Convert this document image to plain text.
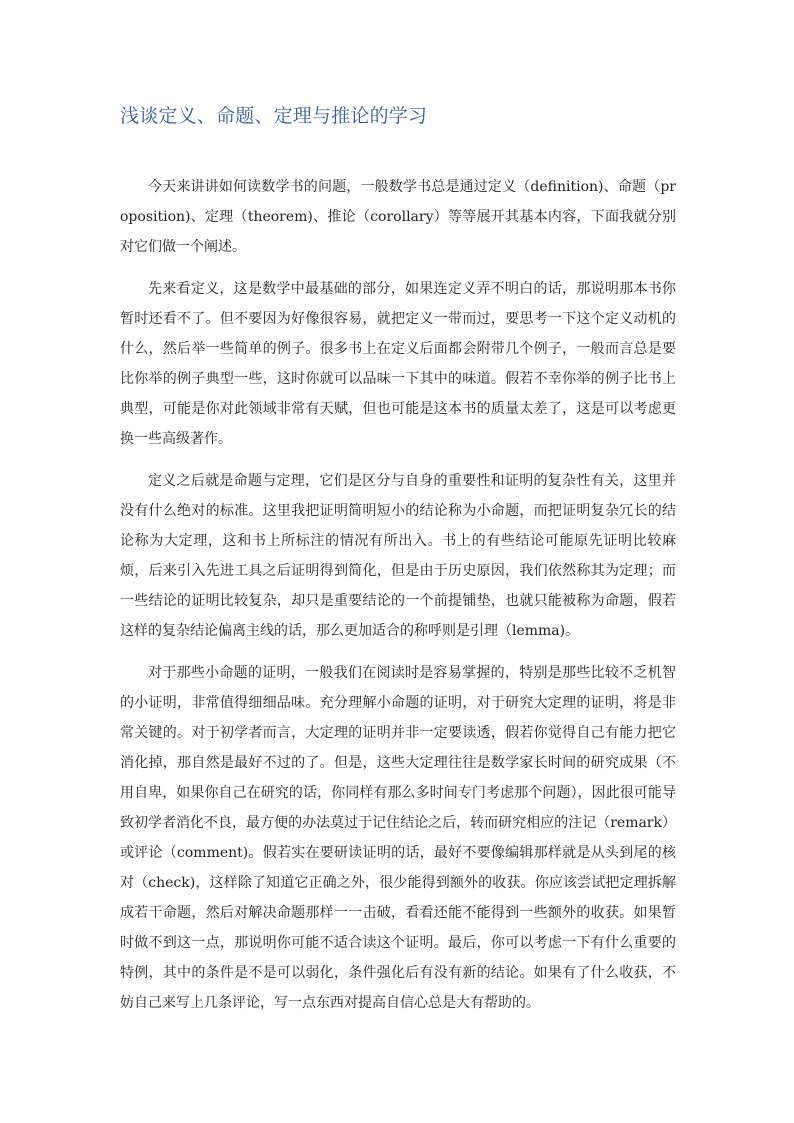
浅谈定义、命题、定理与推论的学习

今天来讲讲如何读数学书的问题，一般数学书总是通过定义（definition)、命题（proposition)、定理（theorem)、推论（corollary）等等展开其基本内容，下面我就分别对它们做一个阐述。

先来看定义，这是数学中最基础的部分，如果连定义弄不明白的话，那说明那本书你暂时还看不了。但不要因为好像很容易，就把定义一带而过，要思考一下这个定义动机的什么，然后举一些简单的例子。很多书上在定义后面都会附带几个例子，一般而言总是要比你举的例子典型一些，这时你就可以品味一下其中的味道。假若不幸你举的例子比书上典型，可能是你对此领域非常有天赋，但也可能是这本书的质量太差了，这是可以考虑更换一些高级著作。

定义之后就是命题与定理，它们是区分与自身的重要性和证明的复杂性有关，这里并没有什么绝对的标准。这里我把证明简明短小的结论称为小命题，而把证明复杂冗长的结论称为大定理，这和书上所标注的情况有所出入。书上的有些结论可能原先证明比较麻烦，后来引入先进工具之后证明得到简化，但是由于历史原因，我们依然称其为定理；而一些结论的证明比较复杂，却只是重要结论的一个前提铺垫，也就只能被称为命题，假若这样的复杂结论偏离主线的话，那么更加适合的称呼则是引理（lemma)。

对于那些小命题的证明，一般我们在阅读时是容易掌握的，特别是那些比较不乏机智的小证明，非常值得细细品味。充分理解小命题的证明，对于研究大定理的证明，将是非常关键的。对于初学者而言，大定理的证明并非一定要读透，假若你觉得自己有能力把它消化掉，那自然是最好不过的了。但是，这些大定理往往是数学家长时间的研究成果（不用自卑，如果你自己在研究的话，你同样有那么多时间专门考虑那个问题），因此很可能导致初学者消化不良，最方便的办法莫过于记住结论之后，转而研究相应的注记（remark）或评论（comment)。假若实在要研读证明的话，最好不要像编辑那样就是从头到尾的核对（check)，这样除了知道它正确之外，很少能得到额外的收获。你应该尝试把定理拆解成若干命题，然后对解决命题那样一一击破，看看还能不能得到一些额外的收获。如果暂时做不到这一点，那说明你可能不适合读这个证明。最后，你可以考虑一下有什么重要的特例，其中的条件是不是可以弱化，条件强化后有没有新的结论。如果有了什么收获，不妨自己来写上几条评论，写一点东西对提高自信心总是大有帮助的。
